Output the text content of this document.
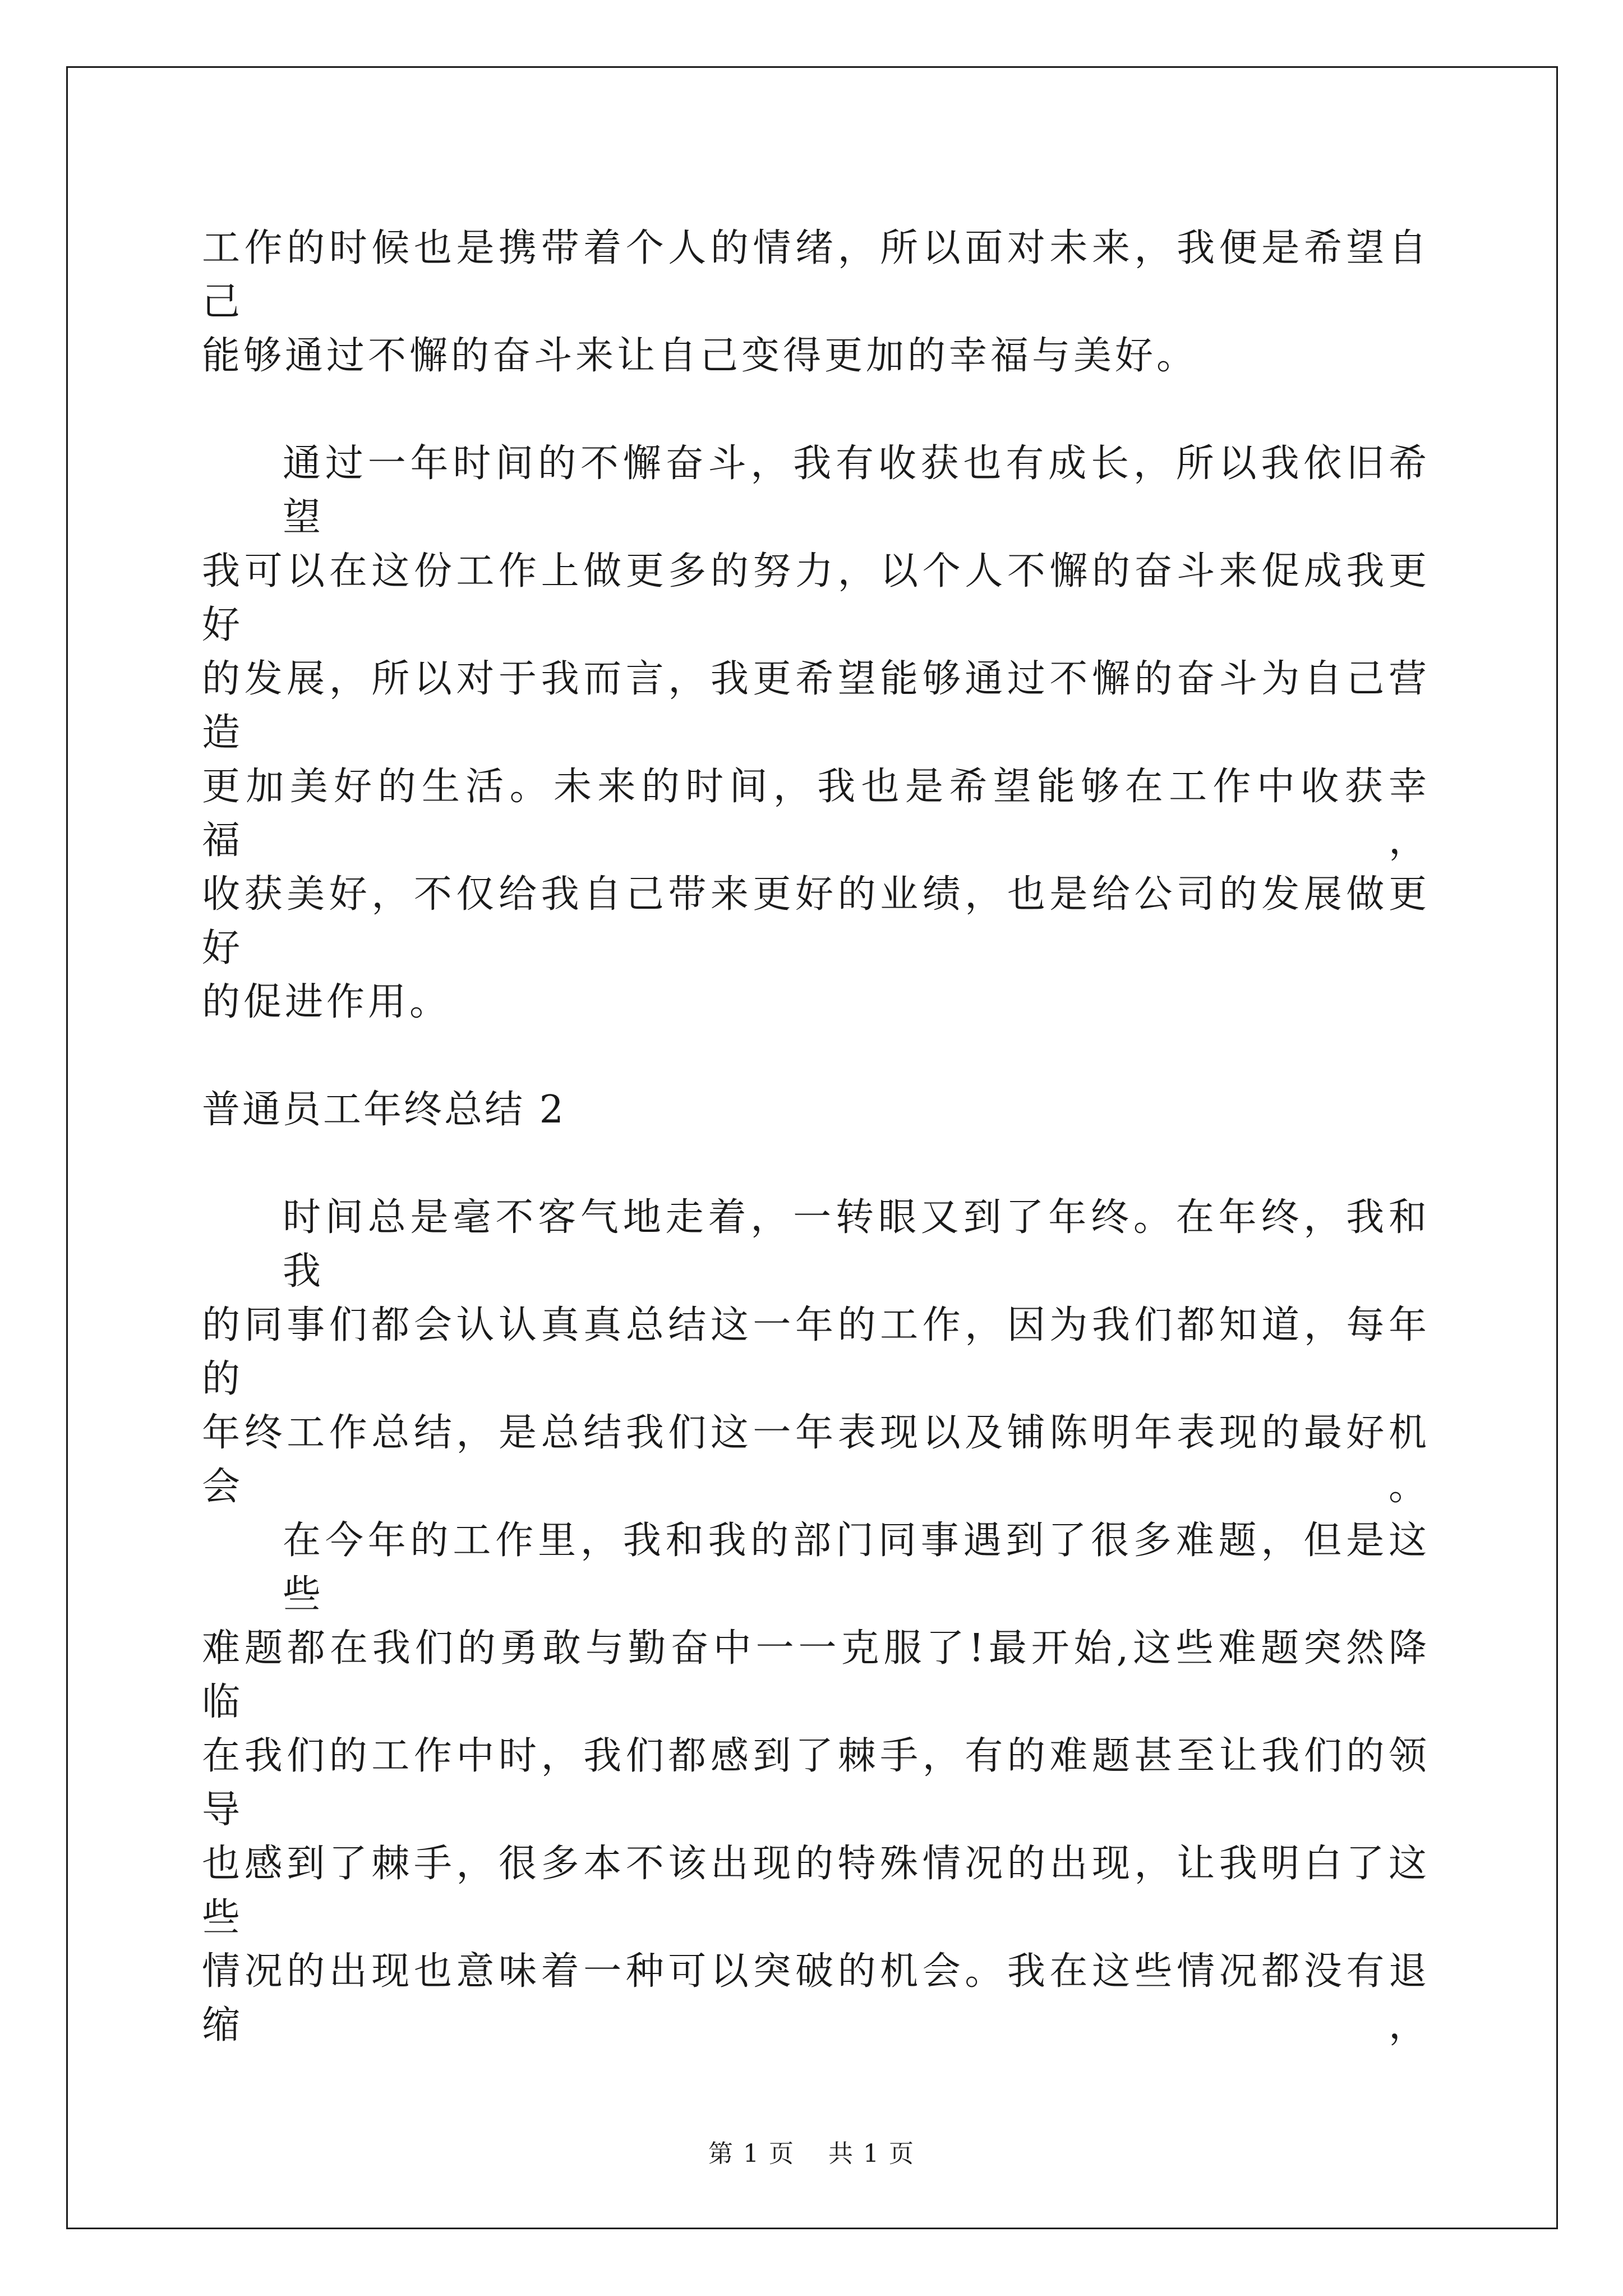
工作的时候也是携带着个人的情绪，所以面对未来，我便是希望自己
能够通过不懈的奋斗来让自己变得更加的幸福与美好。
通过一年时间的不懈奋斗，我有收获也有成长，所以我依旧希望
我可以在这份工作上做更多的努力，以个人不懈的奋斗来促成我更好
的发展，所以对于我而言，我更希望能够通过不懈的奋斗为自己营造
更加美好的生活。未来的时间，我也是希望能够在工作中收获幸福，
收获美好，不仅给我自己带来更好的业绩，也是给公司的发展做更好
的促进作用。
普通员工年终总结 2
时间总是毫不客气地走着，一转眼又到了年终。在年终，我和我
的同事们都会认认真真总结这一年的工作，因为我们都知道，每年的
年终工作总结，是总结我们这一年表现以及铺陈明年表现的最好机会。
在今年的工作里，我和我的部门同事遇到了很多难题，但是这些
难题都在我们的勇敢与勤奋中一一克服了!最开始,这些难题突然降临
在我们的工作中时，我们都感到了棘手，有的难题甚至让我们的领导
也感到了棘手，很多本不该出现的特殊情况的出现，让我明白了这些
情况的出现也意味着一种可以突破的机会。我在这些情况都没有退缩，
第 1 页 共 1 页
